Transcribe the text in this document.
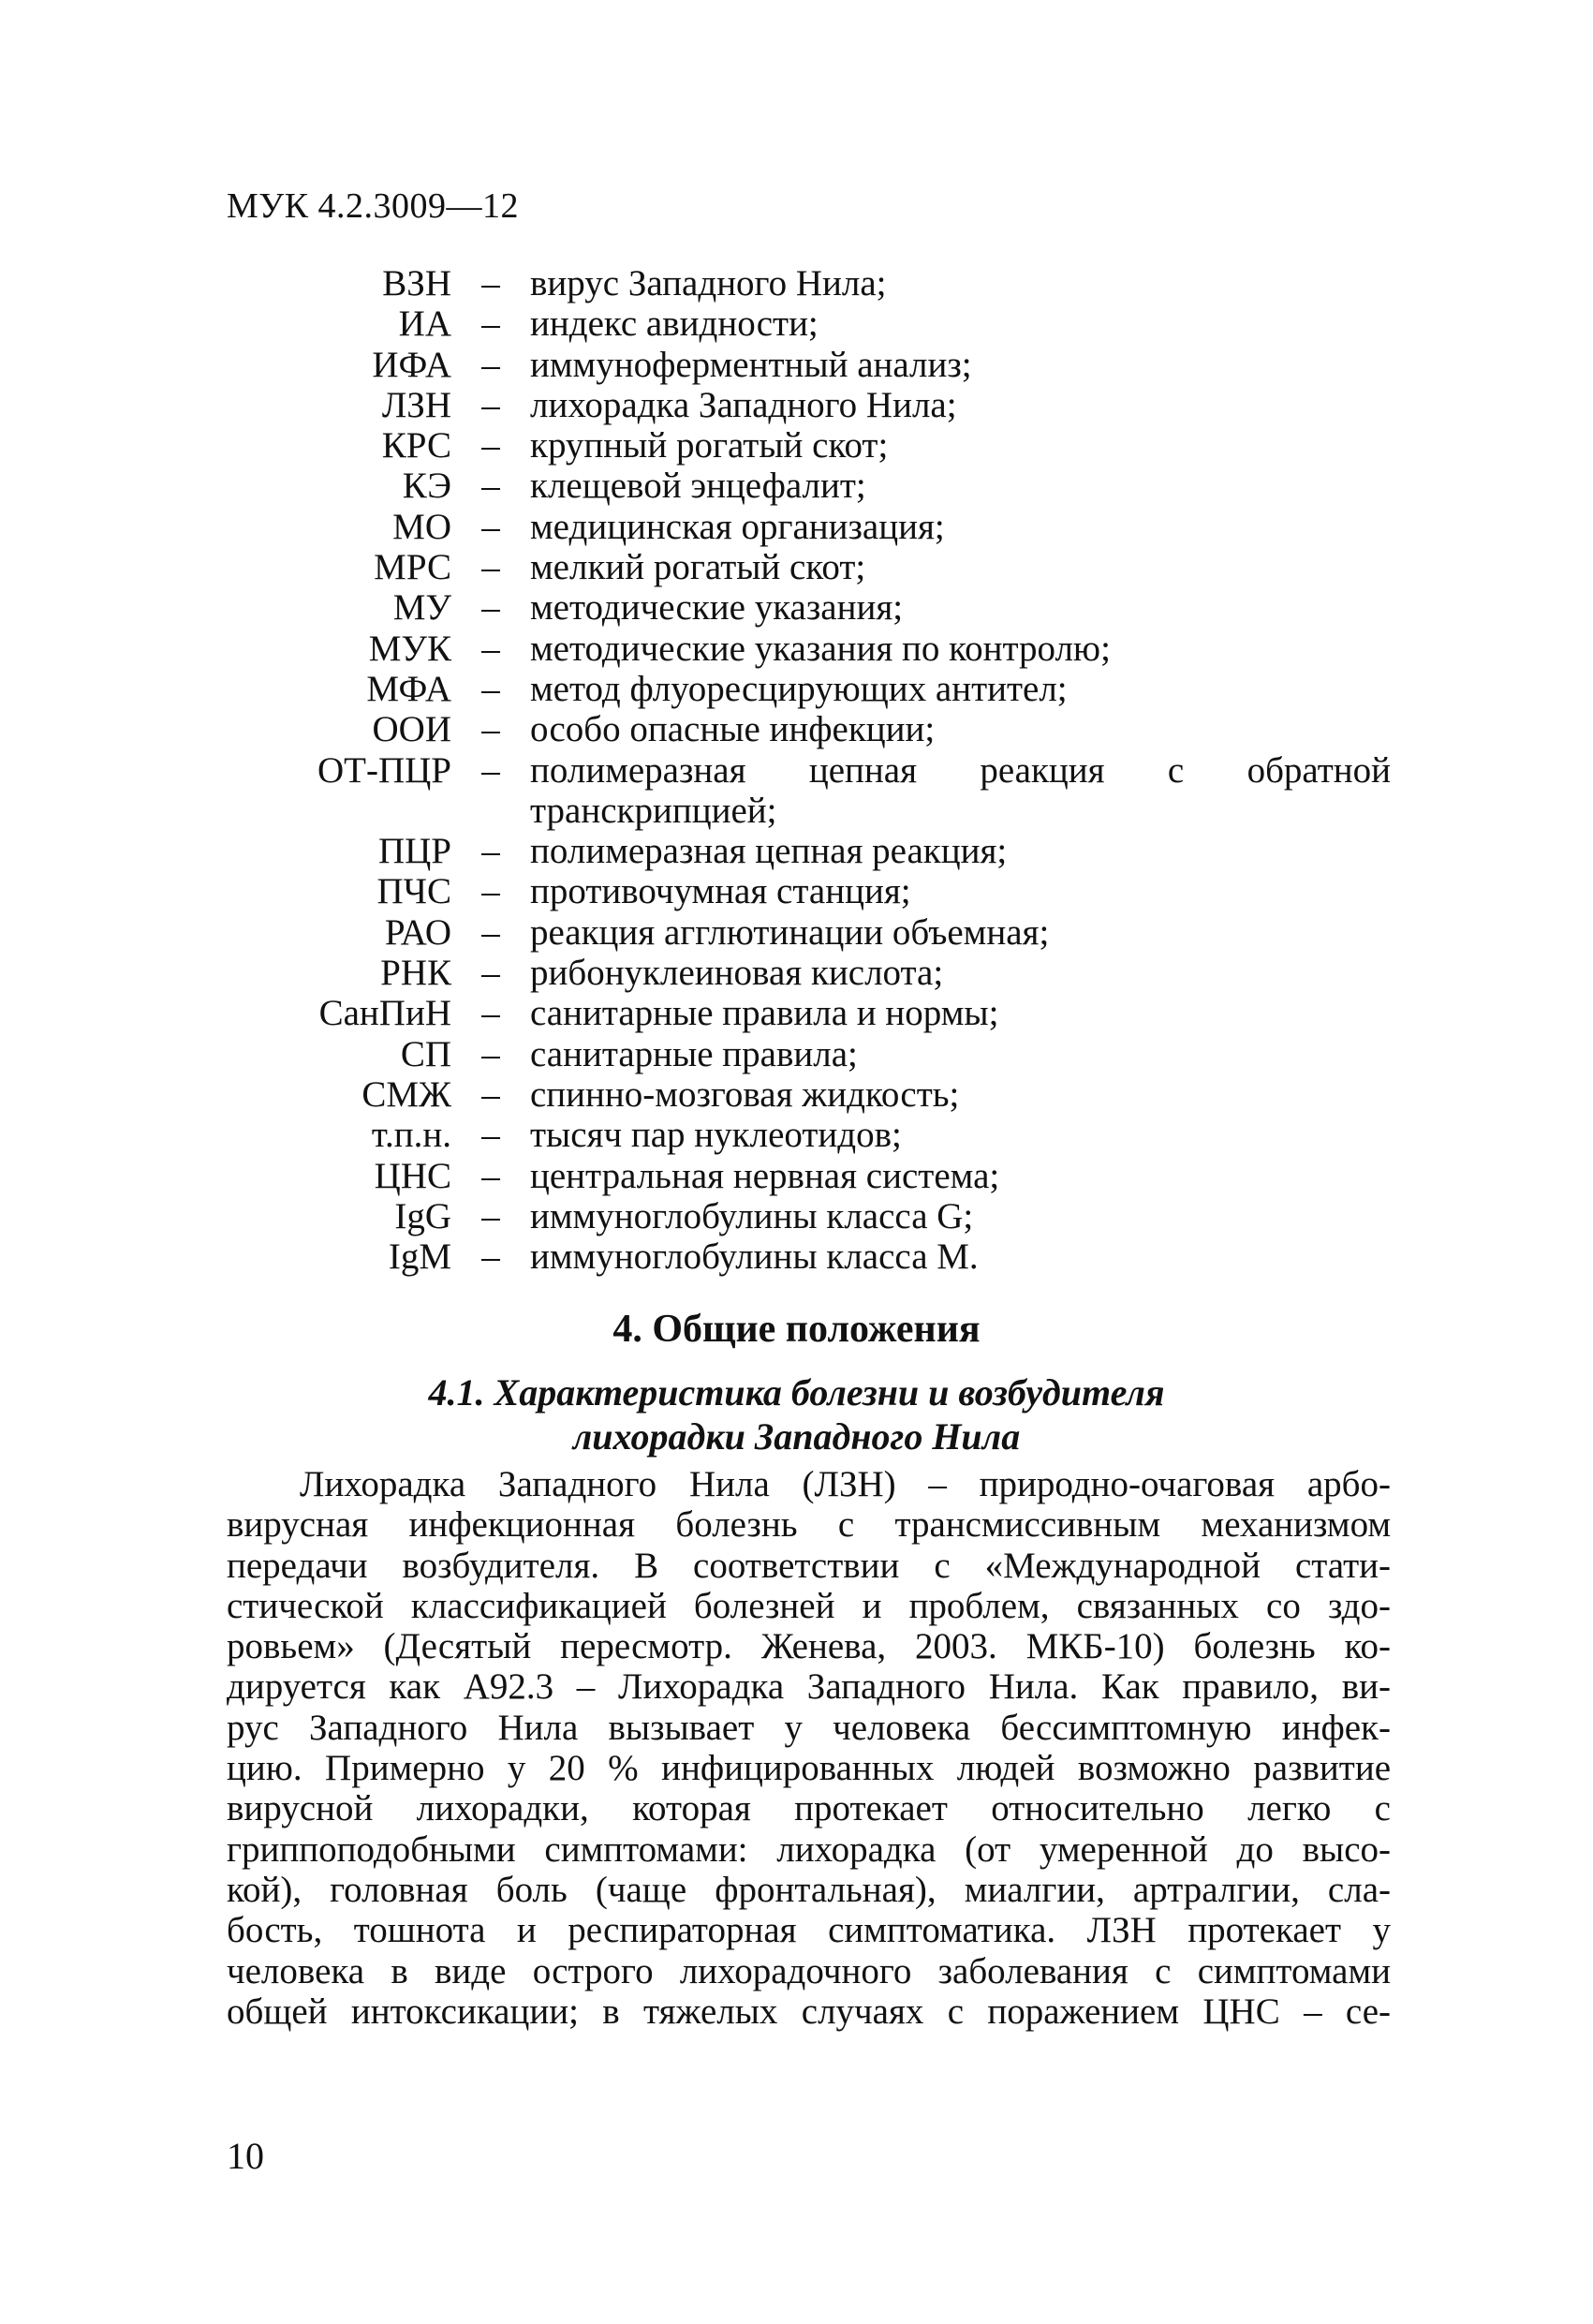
МУК 4.2.3009—12
ВЗН – вирус Западного Нила;
ИА – индекс авидности;
ИФА – иммуноферментный анализ;
ЛЗН – лихорадка Западного Нила;
КРС – крупный рогатый скот;
КЭ – клещевой энцефалит;
МО – медицинская организация;
МРС – мелкий рогатый скот;
МУ – методические указания;
МУК – методические указания по контролю;
МФА – метод флуоресцирующих антител;
ООИ – особо опасные инфекции;
ОТ-ПЦР – полимеразная цепная реакция с обратной транскрипцией;
ПЦР – полимеразная цепная реакция;
ПЧС – противочумная станция;
РАО – реакция агглютинации объемная;
РНК – рибонуклеиновая кислота;
СанПиН – санитарные правила и нормы;
СП – санитарные правила;
СМЖ – спинно-мозговая жидкость;
т.п.н. – тысяч пар нуклеотидов;
ЦНС – центральная нервная система;
IgG – иммуноглобулины класса G;
IgM – иммуноглобулины класса M.
4. Общие положения
4.1. Характеристика болезни и возбудителя
лихорадки Западного Нила
Лихорадка Западного Нила (ЛЗН) – природно-очаговая арбо-
вирусная инфекционная болезнь с трансмиссивным механизмом
передачи возбудителя. В соответствии с «Международной стати-
стической классификацией болезней и проблем, связанных со здо-
ровьем» (Десятый пересмотр. Женева, 2003. МКБ-10) болезнь ко-
дируется как А92.3 – Лихорадка Западного Нила. Как правило, ви-
рус Западного Нила вызывает у человека бессимптомную инфек-
цию. Примерно у 20 % инфицированных людей возможно развитие
вирусной лихорадки, которая протекает относительно легко с
гриппоподобными симптомами: лихорадка (от умеренной до высо-
кой), головная боль (чаще фронтальная), миалгии, артралгии, сла-
бость, тошнота и респираторная симптоматика. ЛЗН протекает у
человека в виде острого лихорадочного заболевания с симптомами
общей интоксикации; в тяжелых случаях с поражением ЦНС – се-
10
